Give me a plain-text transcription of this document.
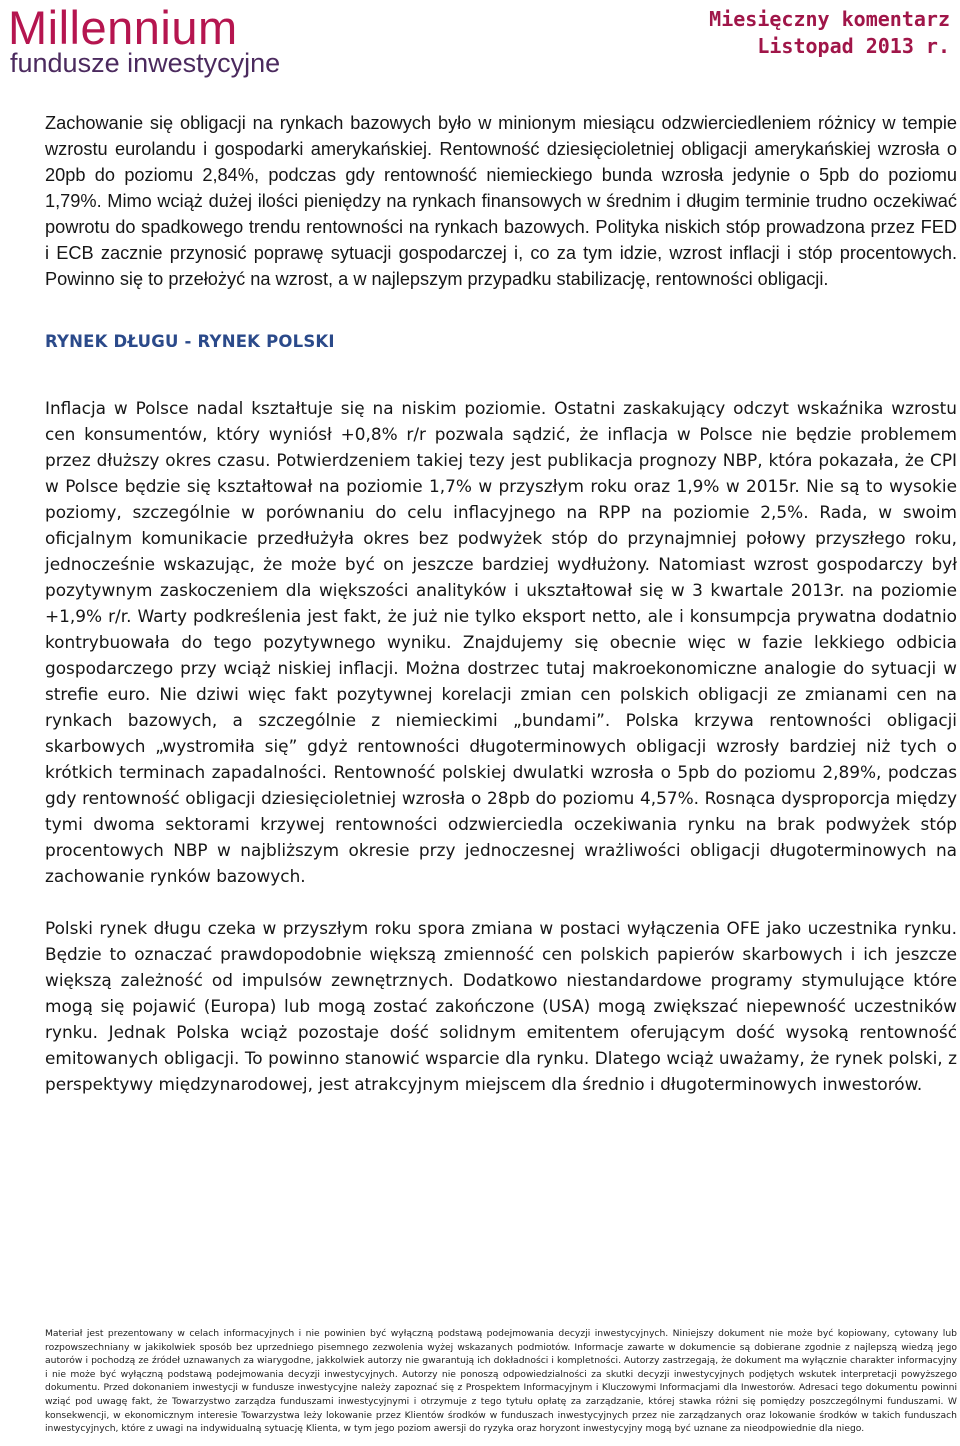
Millennium
fundusze inwestycyjne
Miesięczny komentarz
Listopad 2013 r.

Zachowanie się obligacji na rynkach bazowych było w minionym miesiącu odzwierciedleniem różnicy w tempie wzrostu eurolandu i gospodarki amerykańskiej. Rentowność dziesięcioletniej obligacji amerykańskiej wzrosła o 20pb do poziomu 2,84%, podczas gdy rentowność niemieckiego bunda wzrosła jedynie o 5pb do poziomu 1,79%. Mimo wciąż dużej ilości pieniędzy na rynkach finansowych w średnim i długim terminie trudno oczekiwać powrotu do spadkowego trendu rentowności na rynkach bazowych. Polityka niskich stóp prowadzona przez FED i ECB zacznie przynosić poprawę sytuacji gospodarczej i, co za tym idzie, wzrost inflacji i stóp procentowych. Powinno się to przełożyć na wzrost, a w najlepszym przypadku stabilizację, rentowności obligacji.

RYNEK DŁUGU - RYNEK POLSKI

Inflacja w Polsce nadal kształtuje się na niskim poziomie. Ostatni zaskakujący odczyt wskaźnika wzrostu cen konsumentów, który wyniósł +0,8% r/r pozwala sądzić, że inflacja w Polsce nie będzie problemem przez dłuższy okres czasu. Potwierdzeniem takiej tezy jest publikacja prognozy NBP, która pokazała, że CPI w Polsce będzie się kształtował na poziomie 1,7% w przyszłym roku oraz 1,9% w 2015r. Nie są to wysokie poziomy, szczególnie w porównaniu do celu inflacyjnego na RPP na poziomie 2,5%. Rada, w swoim oficjalnym komunikacie przedłużyła okres bez podwyżek stóp do przynajmniej połowy przyszłego roku, jednocześnie wskazując, że może być on jeszcze bardziej wydłużony. Natomiast wzrost gospodarczy był pozytywnym zaskoczeniem dla większości analityków i ukształtował się w 3 kwartale 2013r. na poziomie +1,9% r/r. Warty podkreślenia jest fakt, że już nie tylko eksport netto, ale i konsumpcja prywatna dodatnio kontrybuowała do tego pozytywnego wyniku. Znajdujemy się obecnie więc w fazie lekkiego odbicia gospodarczego przy wciąż niskiej inflacji. Można dostrzec tutaj makroekonomiczne analogie do sytuacji w strefie euro. Nie dziwi więc fakt pozytywnej korelacji zmian cen polskich obligacji ze zmianami cen na rynkach bazowych, a szczególnie z niemieckimi „bundami”. Polska krzywa rentowności obligacji skarbowych „wystromiła się” gdyż rentowności długoterminowych obligacji wzrosły bardziej niż tych o krótkich terminach zapadalności. Rentowność polskiej dwulatki wzrosła o 5pb do poziomu 2,89%, podczas gdy rentowność obligacji dziesięcioletniej wzrosła o 28pb do poziomu 4,57%. Rosnąca dysproporcja między tymi dwoma sektorami krzywej rentowności odzwierciedla oczekiwania rynku na brak podwyżek stóp procentowych NBP w najbliższym okresie przy jednoczesnej wrażliwości obligacji długoterminowych na zachowanie rynków bazowych.

Polski rynek długu czeka w przyszłym roku spora zmiana w postaci wyłączenia OFE jako uczestnika rynku. Będzie to oznaczać prawdopodobnie większą zmienność cen polskich papierów skarbowych i ich jeszcze większą zależność od impulsów zewnętrznych. Dodatkowo niestandardowe programy stymulujące które mogą się pojawić (Europa) lub mogą zostać zakończone (USA) mogą zwiększać niepewność uczestników rynku. Jednak Polska wciąż pozostaje dość solidnym emitentem oferującym dość wysoką rentowność emitowanych obligacji. To powinno stanowić wsparcie dla rynku. Dlatego wciąż uważamy, że rynek polski, z perspektywy międzynarodowej, jest atrakcyjnym miejscem dla średnio i długoterminowych inwestorów.

Materiał jest prezentowany w celach informacyjnych i nie powinien być wyłączną podstawą podejmowania decyzji inwestycyjnych. Niniejszy dokument nie może być kopiowany, cytowany lub rozpowszechniany w jakikolwiek sposób bez uprzedniego pisemnego zezwolenia wyżej wskazanych podmiotów. Informacje zawarte w dokumencie są dobierane zgodnie z najlepszą wiedzą jego autorów i pochodzą ze źródeł uznawanych za wiarygodne, jakkolwiek autorzy nie gwarantują ich dokładności i kompletności. Autorzy zastrzegają, że dokument ma wyłącznie charakter informacyjny i nie może być wyłączną podstawą podejmowania decyzji inwestycyjnych. Autorzy nie ponoszą odpowiedzialności za skutki decyzji inwestycyjnych podjętych wskutek interpretacji powyższego dokumentu. Przed dokonaniem inwestycji w fundusze inwestycyjne należy zapoznać się z Prospektem Informacyjnym i Kluczowymi Informacjami dla Inwestorów. Adresaci tego dokumentu powinni wziąć pod uwagę fakt, że Towarzystwo zarządza funduszami inwestycyjnymi i otrzymuje z tego tytułu opłatę za zarządzanie, której stawka różni się pomiędzy poszczególnymi funduszami. W konsekwencji, w ekonomicznym interesie Towarzystwa leży lokowanie przez Klientów środków w funduszach inwestycyjnych przez nie zarządzanych oraz lokowanie środków w takich funduszach inwestycyjnych, które z uwagi na indywidualną sytuację Klienta, w tym jego poziom awersji do ryzyka oraz horyzont inwestycyjny mogą być uznane za nieodpowiednie dla niego.
